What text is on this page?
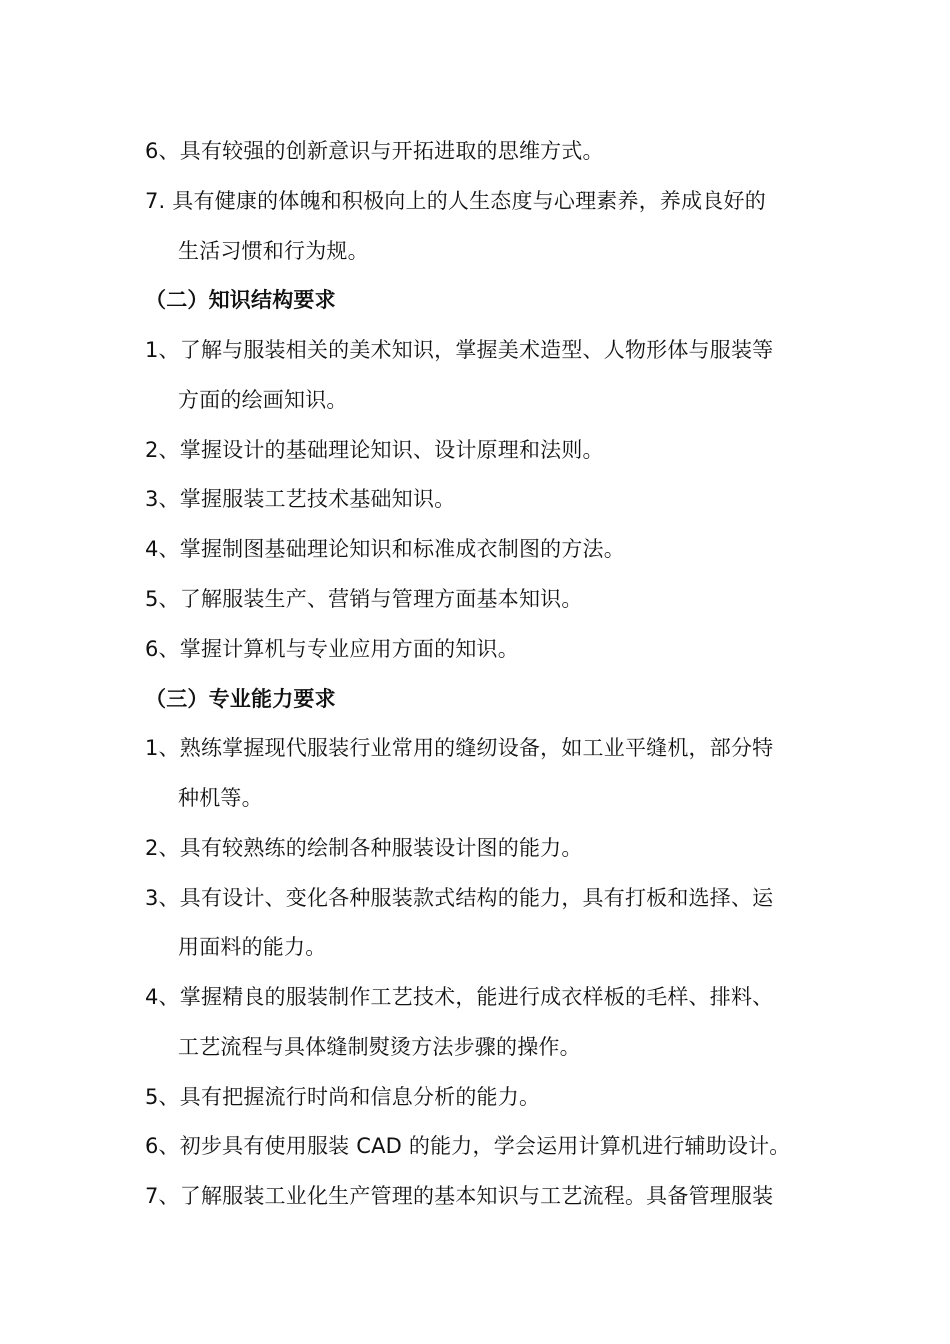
6、具有较强的创新意识与开拓进取的思维方式。
7. 具有健康的体魄和积极向上的人生态度与心理素养，养成良好的
生活习惯和行为规。
（二）知识结构要求
1、了解与服装相关的美术知识，掌握美术造型、人物形体与服装等
方面的绘画知识。
2、掌握设计的基础理论知识、设计原理和法则。
3、掌握服装工艺技术基础知识。
4、掌握制图基础理论知识和标准成衣制图的方法。
5、了解服装生产、营销与管理方面基本知识。
6、掌握计算机与专业应用方面的知识。
（三）专业能力要求
1、熟练掌握现代服装行业常用的缝纫设备，如工业平缝机，部分特
种机等。
2、具有较熟练的绘制各种服装设计图的能力。
3、具有设计、变化各种服装款式结构的能力，具有打板和选择、运
用面料的能力。
4、掌握精良的服装制作工艺技术，能进行成衣样板的毛样、排料、
工艺流程与具体缝制熨烫方法步骤的操作。
5、具有把握流行时尚和信息分析的能力。
6、初步具有使用服装 CAD 的能力，学会运用计算机进行辅助设计。
7、了解服装工业化生产管理的基本知识与工艺流程。具备管理服装
